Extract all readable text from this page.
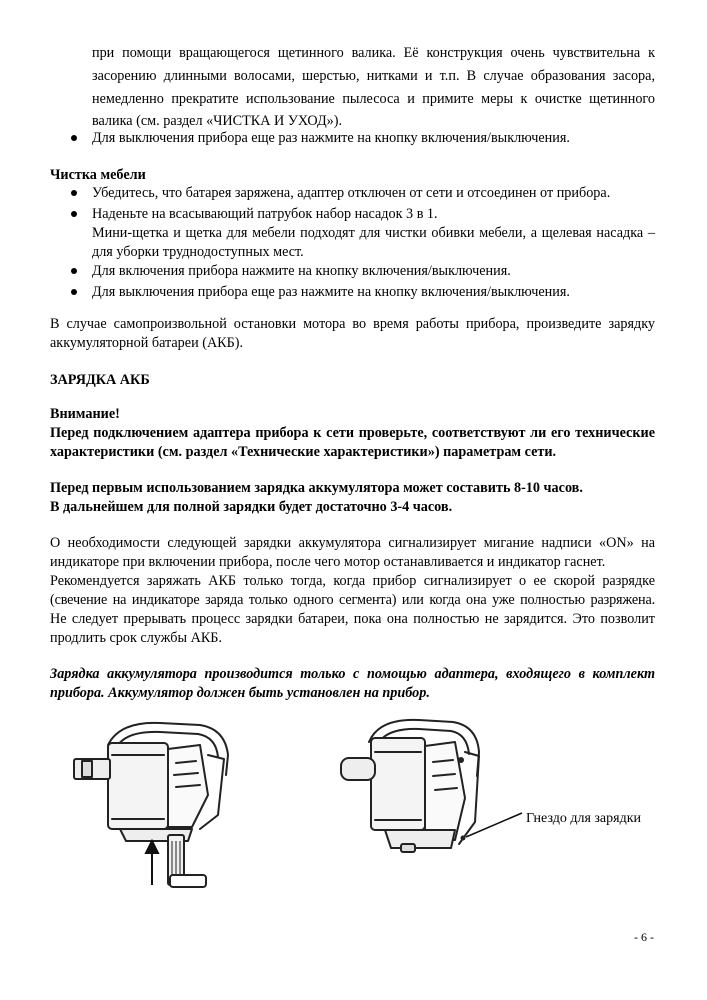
при помощи вращающегося щетинного валика. Её конструкция очень чувствительна к
засорению длинными волосами, шерстью, нитками и т.п. В случае образования засора,
немедленно прекратите использование пылесоса и примите меры к очистке щетинного
валика (см. раздел «ЧИСТКА И УХОД»).
Для выключения прибора еще раз нажмите на кнопку включения/выключения.
Чистка мебели
Убедитесь, что батарея заряжена, адаптер отключен от сети и отсоединен от прибора.
Наденьте на всасывающий патрубок набор насадок 3 в 1.
Мини-щетка и щетка для мебели подходят для чистки обивки мебели, а щелевая насадка –
для уборки труднодоступных мест.
Для включения прибора нажмите на кнопку включения/выключения.
Для выключения прибора еще раз нажмите на кнопку включения/выключения.
В случае самопроизвольной остановки мотора во время работы прибора, произведите зарядку
аккумуляторной батареи (АКБ).
ЗАРЯДКА АКБ
Внимание!
Перед подключением адаптера прибора к сети проверьте, соответствуют ли его технические
характеристики (см. раздел «Технические характеристики») параметрам сети.
Перед первым использованием зарядка аккумулятора может составить 8-10 часов.
В дальнейшем для полной зарядки будет достаточно 3-4 часов.
О необходимости следующей зарядки аккумулятора сигнализирует мигание надписи «ON» на
индикаторе при включении прибора, после чего мотор останавливается и индикатор гаснет.
Рекомендуется заряжать АКБ только тогда, когда прибор сигнализирует о ее скорой разрядке
(свечение на индикаторе заряда только одного сегмента) или когда она уже полностью разряжена.
Не следует прерывать процесс зарядки батареи, пока она полностью не зарядится. Это позволит
продлить срок службы АКБ.
Зарядка аккумулятора производится только с помощью адаптера, входящего в комплект
прибора. Аккумулятор должен быть установлен на прибор.
Гнездо для зарядки
- 6 -
